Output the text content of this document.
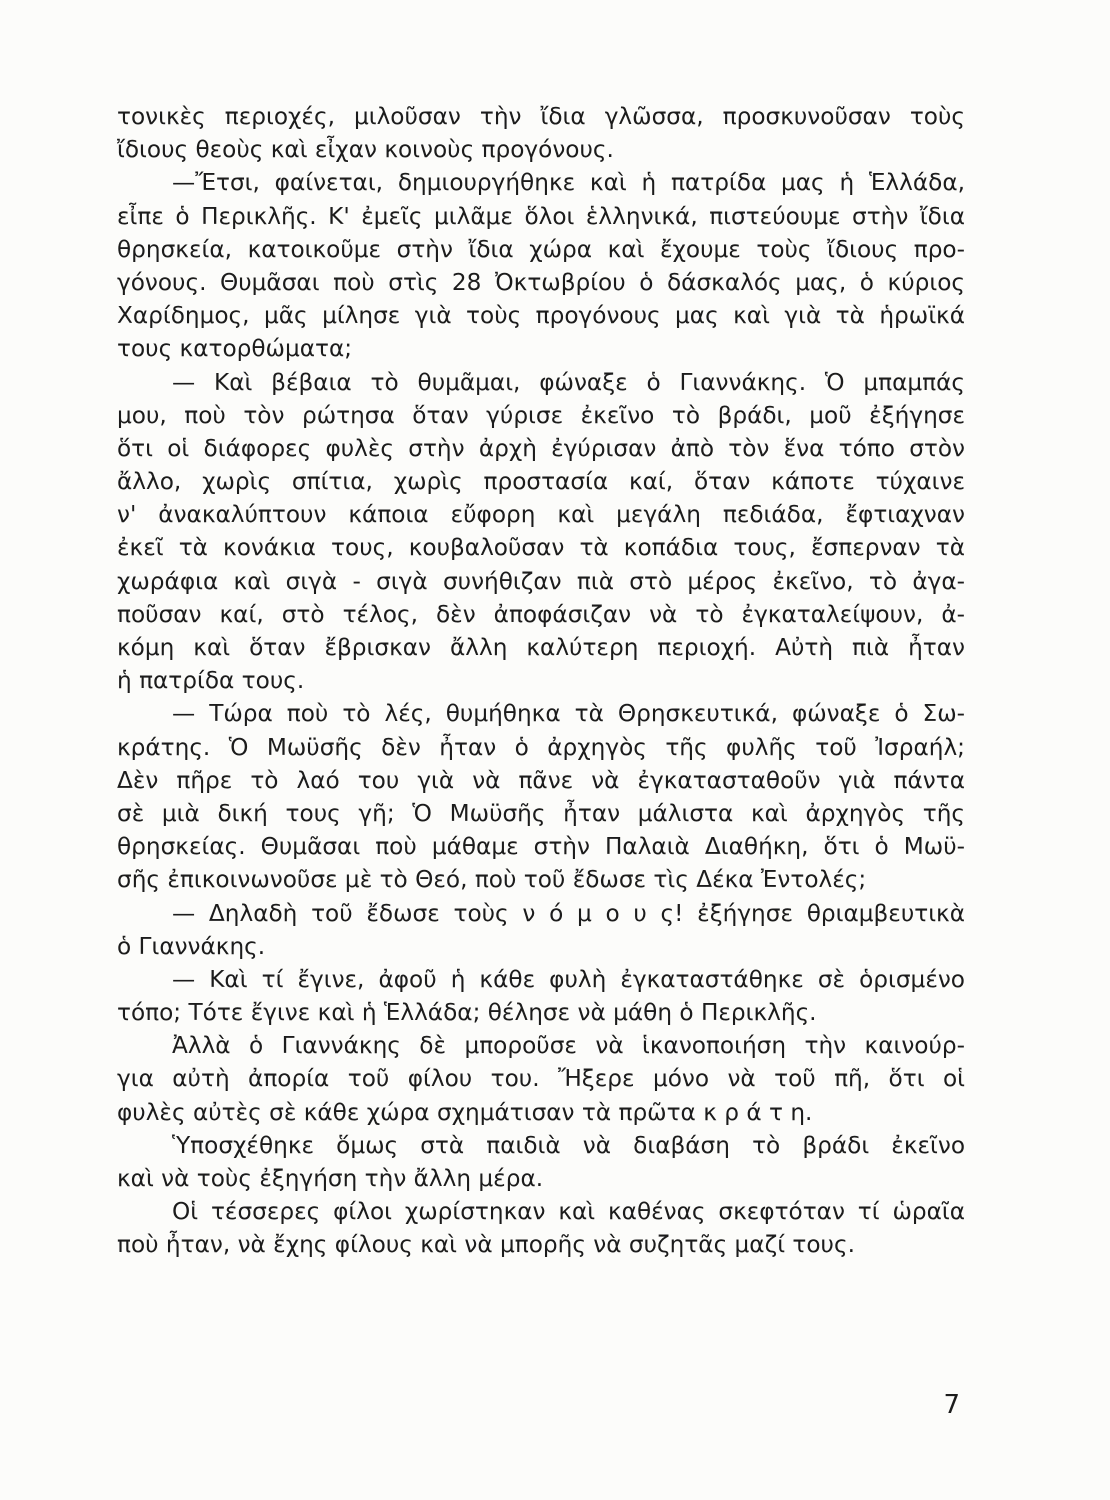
τονικὲς περιοχές, μιλοῦσαν τὴν ἴδια γλῶσσα, προσκυνοῦσαν τοὺς
ἴδιους θεοὺς καὶ εἶχαν κοινοὺς προγόνους.
—Ἔτσι, φαίνεται, δημιουργήθηκε καὶ ἡ πατρίδα μας ἡ Ἑλλάδα,
εἶπε ὁ Περικλῆς. Κ' ἐμεῖς μιλᾶμε ὅλοι ἑλληνικά, πιστεύουμε στὴν ἴδια
θρησκεία, κατοικοῦμε στὴν ἴδια χώρα καὶ ἔχουμε τοὺς ἴδιους προ-
γόνους. Θυμᾶσαι ποὺ στὶς 28 Ὀκτωβρίου ὁ δάσκαλός μας, ὁ κύριος
Χαρίδημος, μᾶς μίλησε γιὰ τοὺς προγόνους μας καὶ γιὰ τὰ ἡρωϊκά
τους κατορθώματα;
— Καὶ βέβαια τὸ θυμᾶμαι, φώναξε ὁ Γιαννάκης. Ὁ μπαμπάς
μου, ποὺ τὸν ρώτησα ὅταν γύρισε ἐκεῖνο τὸ βράδι, μοῦ ἐξήγησε
ὅτι οἱ διάφορες φυλὲς στὴν ἀρχὴ ἐγύρισαν ἀπὸ τὸν ἕνα τόπο στὸν
ἄλλο, χωρὶς σπίτια, χωρὶς προστασία καί, ὅταν κάποτε τύχαινε
ν' ἀνακαλύπτουν κάποια εὔφορη καὶ μεγάλη πεδιάδα, ἔφτιαχναν
ἐκεῖ τὰ κονάκια τους, κουβαλοῦσαν τὰ κοπάδια τους, ἔσπερναν τὰ
χωράφια καὶ σιγὰ - σιγὰ συνήθιζαν πιὰ στὸ μέρος ἐκεῖνο, τὸ ἀγα-
ποῦσαν καί, στὸ τέλος, δὲν ἀποφάσιζαν νὰ τὸ ἐγκαταλείψουν, ἀ-
κόμη καὶ ὅταν ἔβρισκαν ἄλλη καλύτερη περιοχή. Αὐτὴ πιὰ ἦταν
ἡ πατρίδα τους.
— Τώρα ποὺ τὸ λές, θυμήθηκα τὰ Θρησκευτικά, φώναξε ὁ Σω-
κράτης. Ὁ Μωϋσῆς δὲν ἦταν ὁ ἀρχηγὸς τῆς φυλῆς τοῦ Ἰσραήλ;
Δὲν πῆρε τὸ λαό του γιὰ νὰ πᾶνε νὰ ἐγκατασταθοῦν γιὰ πάντα
σὲ μιὰ δική τους γῆ; Ὁ Μωϋσῆς ἦταν μάλιστα καὶ ἀρχηγὸς τῆς
θρησκείας. Θυμᾶσαι ποὺ μάθαμε στὴν Παλαιὰ Διαθήκη, ὅτι ὁ Μωϋ-
σῆς ἐπικοινωνοῦσε μὲ τὸ Θεό, ποὺ τοῦ ἔδωσε τὶς Δέκα Ἐντολές;
— Δηλαδὴ τοῦ ἔδωσε τοὺς ν ό μ ο υ ς! ἐξήγησε θριαμβευτικὰ
ὁ Γιαννάκης.
— Καὶ τί ἔγινε, ἀφοῦ ἡ κάθε φυλὴ ἐγκαταστάθηκε σὲ ὁρισμένο
τόπο; Τότε ἔγινε καὶ ἡ Ἑλλάδα; θέλησε νὰ μάθη ὁ Περικλῆς.
Ἀλλὰ ὁ Γιαννάκης δὲ μποροῦσε νὰ ἱκανοποιήση τὴν καινούρ-
για αὐτὴ ἀπορία τοῦ φίλου του. Ἤξερε μόνο νὰ τοῦ πῆ, ὅτι οἱ
φυλὲς αὐτὲς σὲ κάθε χώρα σχημάτισαν τὰ πρῶτα κ ρ ά τ η.
Ὑποσχέθηκε ὅμως στὰ παιδιὰ νὰ διαβάση τὸ βράδι ἐκεῖνο
καὶ νὰ τοὺς ἐξηγήση τὴν ἄλλη μέρα.
Οἱ τέσσερες φίλοι χωρίστηκαν καὶ καθένας σκεφτόταν τί ὡραῖα
ποὺ ἦταν, νὰ ἔχης φίλους καὶ νὰ μπορῆς νὰ συζητᾶς μαζί τους.
7
